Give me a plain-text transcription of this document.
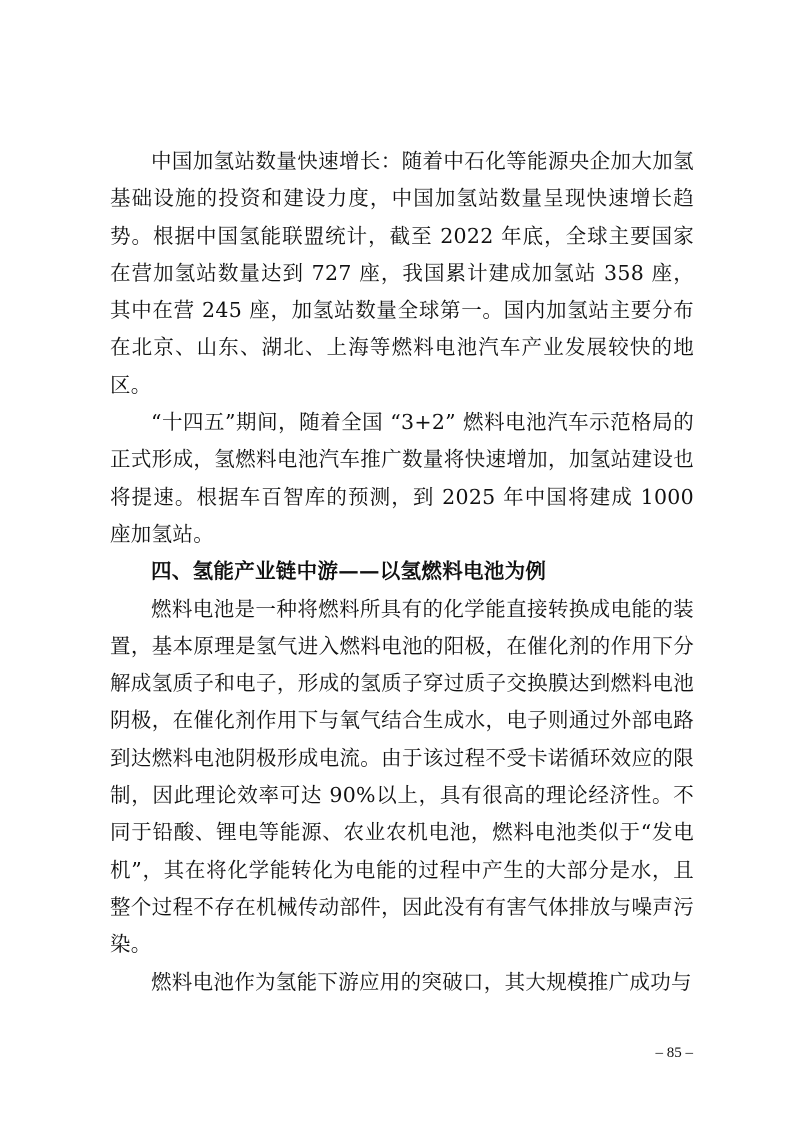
中国加氢站数量快速增长：随着中石化等能源央企加大加氢基础设施的投资和建设力度，中国加氢站数量呈现快速增长趋势。根据中国氢能联盟统计，截至 2022 年底，全球主要国家在营加氢站数量达到 727 座，我国累计建成加氢站 358 座，其中在营 245 座，加氢站数量全球第一。国内加氢站主要分布在北京、山东、湖北、上海等燃料电池汽车产业发展较快的地区。

“十四五”期间，随着全国 “3+2” 燃料电池汽车示范格局的正式形成，氢燃料电池汽车推广数量将快速增加，加氢站建设也将提速。根据车百智库的预测，到 2025 年中国将建成 1000 座加氢站。

四、氢能产业链中游——以氢燃料电池为例

燃料电池是一种将燃料所具有的化学能直接转换成电能的装置，基本原理是氢气进入燃料电池的阳极，在催化剂的作用下分解成氢质子和电子，形成的氢质子穿过质子交换膜达到燃料电池阴极，在催化剂作用下与氧气结合生成水，电子则通过外部电路到达燃料电池阴极形成电流。由于该过程不受卡诺循环效应的限制，因此理论效率可达 90%以上，具有很高的理论经济性。不同于铅酸、锂电等能源、农业农机电池，燃料电池类似于“发电机”，其在将化学能转化为电能的过程中产生的大部分是水，且整个过程不存在机械传动部件，因此没有有害气体排放与噪声污染。

燃料电池作为氢能下游应用的突破口，其大规模推广成功与

– 85 –
